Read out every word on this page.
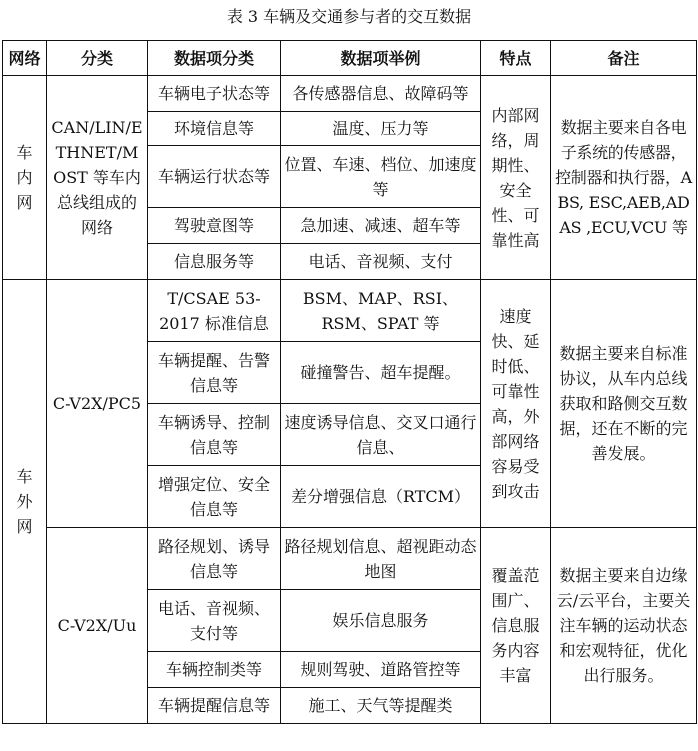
表 3 车辆及交通参与者的交互数据
网络	分类	数据项分类	数据项举例	特点	备注
车内网	CAN/LIN/ETHNET/MOST 等车内总线组成的网络	车辆电子状态等	各传感器信息、故障码等	内部网络，周期性、安全性、可靠性高	数据主要来自各电子系统的传感器，控制器和执行器，ABS, ESC,AEB,ADAS ,ECU,VCU 等
		环境信息等	温度、压力等		
		车辆运行状态等	位置、车速、档位、加速度等		
		驾驶意图等	急加速、减速、超车等		
		信息服务等	电话、音视频、支付		
车外网	C-V2X/PC5	T/CSAE 53-2017 标准信息	BSM、MAP、RSI、RSM、SPAT 等	速度快、延时低、可靠性高，外部网络容易受到攻击	数据主要来自标准协议，从车内总线获取和路侧交互数据，还在不断的完善发展。
		车辆提醒、告警信息等	碰撞警告、超车提醒。		
		车辆诱导、控制信息等	速度诱导信息、交叉口通行信息、		
		增强定位、安全信息等	差分增强信息（RTCM）		
	C-V2X/Uu	路径规划、诱导信息等	路径规划信息、超视距动态地图	覆盖范围广、信息服务内容丰富	数据主要来自边缘云/云平台，主要关注车辆的运动状态和宏观特征，优化出行服务。
		电话、音视频、支付等	娱乐信息服务		
		车辆控制类等	规则驾驶、道路管控等		
		车辆提醒信息等	施工、天气等提醒类		
